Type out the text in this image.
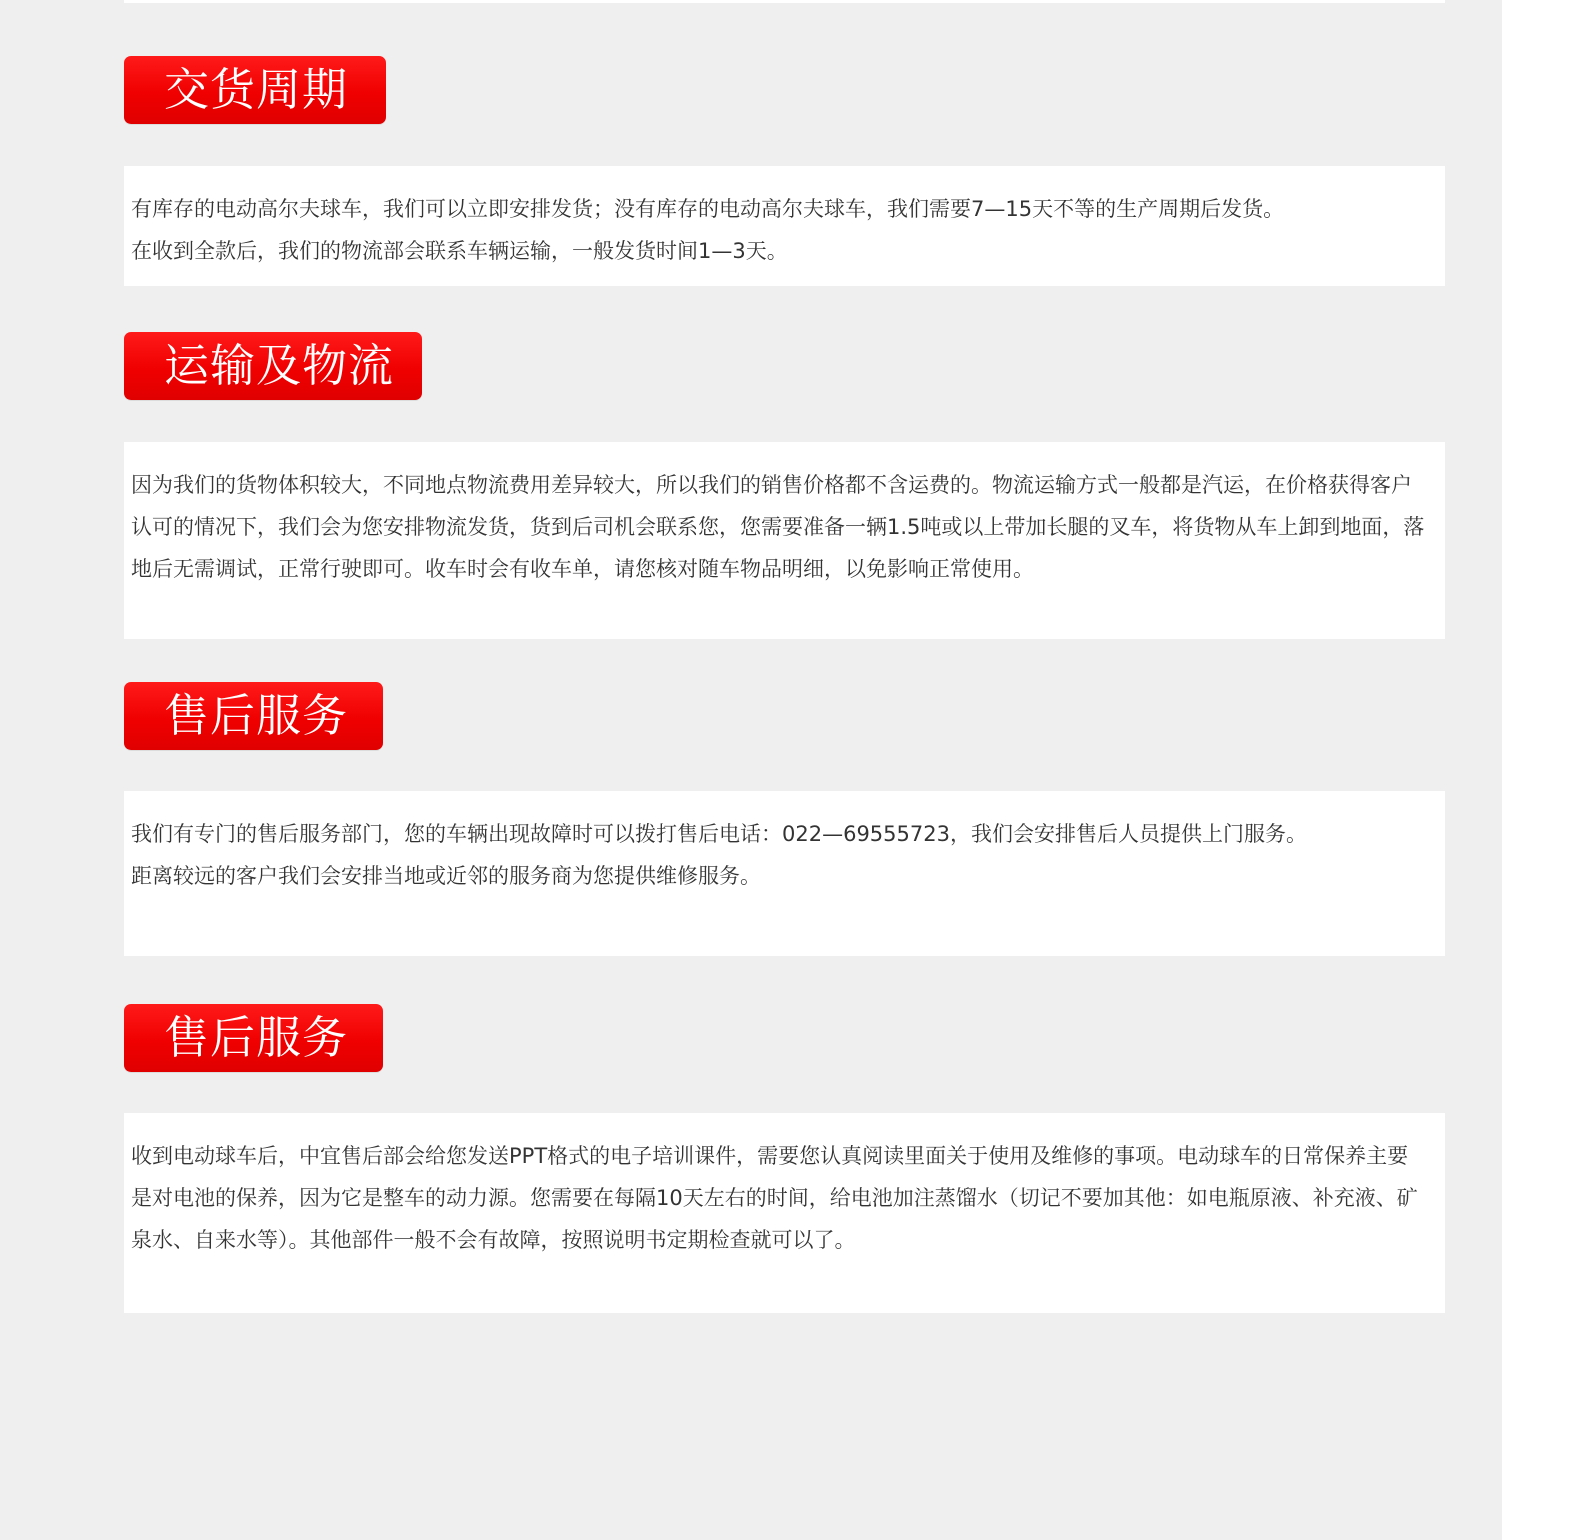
交货周期

有库存的电动高尔夫球车，我们可以立即安排发货；没有库存的电动高尔夫球车，我们需要7—15天不等的生产周期后发货。

在收到全款后，我们的物流部会联系车辆运输，一般发货时间1—3天。

运输及物流

因为我们的货物体积较大，不同地点物流费用差异较大，所以我们的销售价格都不含运费的。物流运输方式一般都是汽运，在价格获得客户认可的情况下，我们会为您安排物流发货，货到后司机会联系您，您需要准备一辆1.5吨或以上带加长腿的叉车，将货物从车上卸到地面，落地后无需调试，正常行驶即可。收车时会有收车单，请您核对随车物品明细，以免影响正常使用。

售后服务

我们有专门的售后服务部门，您的车辆出现故障时可以拨打售后电话：022—69555723，我们会安排售后人员提供上门服务。

距离较远的客户我们会安排当地或近邻的服务商为您提供维修服务。

售后服务

收到电动球车后，中宜售后部会给您发送PPT格式的电子培训课件，需要您认真阅读里面关于使用及维修的事项。电动球车的日常保养主要是对电池的保养，因为它是整车的动力源。您需要在每隔10天左右的时间，给电池加注蒸馏水（切记不要加其他：如电瓶原液、补充液、矿泉水、自来水等）。其他部件一般不会有故障，按照说明书定期检查就可以了。
